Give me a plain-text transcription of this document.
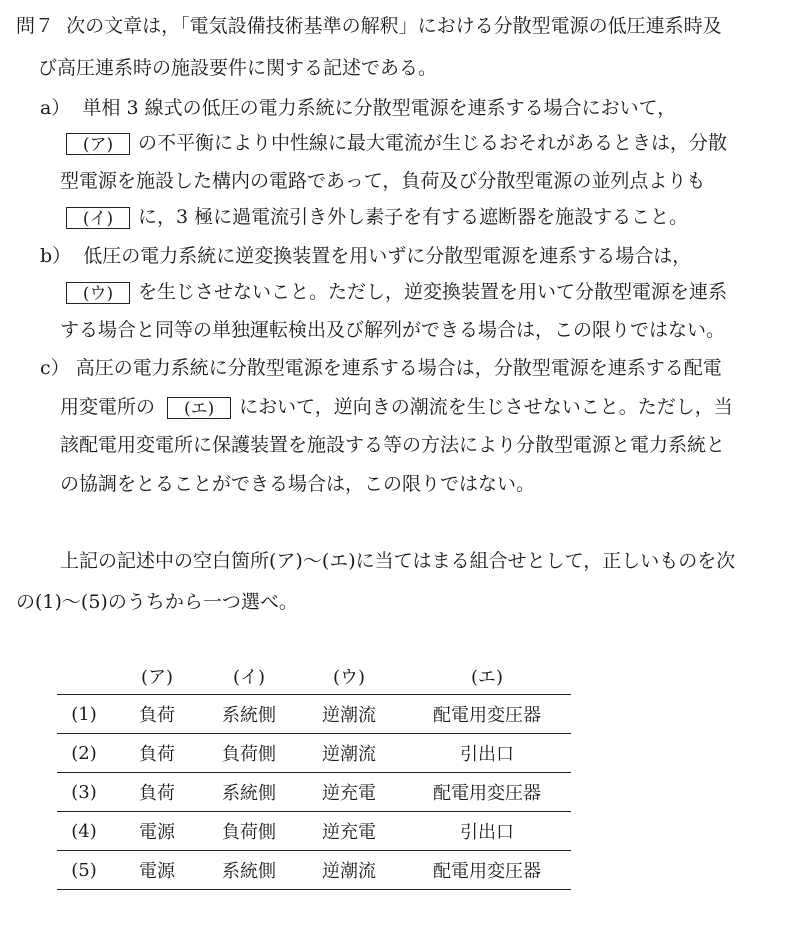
問７ 次の文章は，「電気設備技術基準の解釈」における分散型電源の低圧連系時及
び高圧連系時の施設要件に関する記述である。
a） 単相 3 線式の低圧の電力系統に分散型電源を連系する場合において，
(ア) の不平衡により中性線に最大電流が生じるおそれがあるときは，分散
型電源を施設した構内の電路であって，負荷及び分散型電源の並列点よりも
(イ) に，3 極に過電流引き外し素子を有する遮断器を施設すること。
b） 低圧の電力系統に逆変換装置を用いずに分散型電源を連系する場合は，
(ウ) を生じさせないこと。ただし，逆変換装置を用いて分散型電源を連系
する場合と同等の単独運転検出及び解列ができる場合は，この限りではない。
c） 高圧の電力系統に分散型電源を連系する場合は，分散型電源を連系する配電
用変電所の (エ) において，逆向きの潮流を生じさせないこと。ただし，当
該配電用変電所に保護装置を施設する等の方法により分散型電源と電力系統と
の協調をとることができる場合は，この限りではない。
上記の記述中の空白箇所(ア)～(エ)に当てはまる組合せとして，正しいものを次
の(1)～(5)のうちから一つ選べ。
	(ア)	(イ)	(ウ)	(エ)
(1)	負荷	系統側	逆潮流	配電用変圧器
(2)	負荷	負荷側	逆潮流	引出口
(3)	負荷	系統側	逆充電	配電用変圧器
(4)	電源	負荷側	逆充電	引出口
(5)	電源	系統側	逆潮流	配電用変圧器
